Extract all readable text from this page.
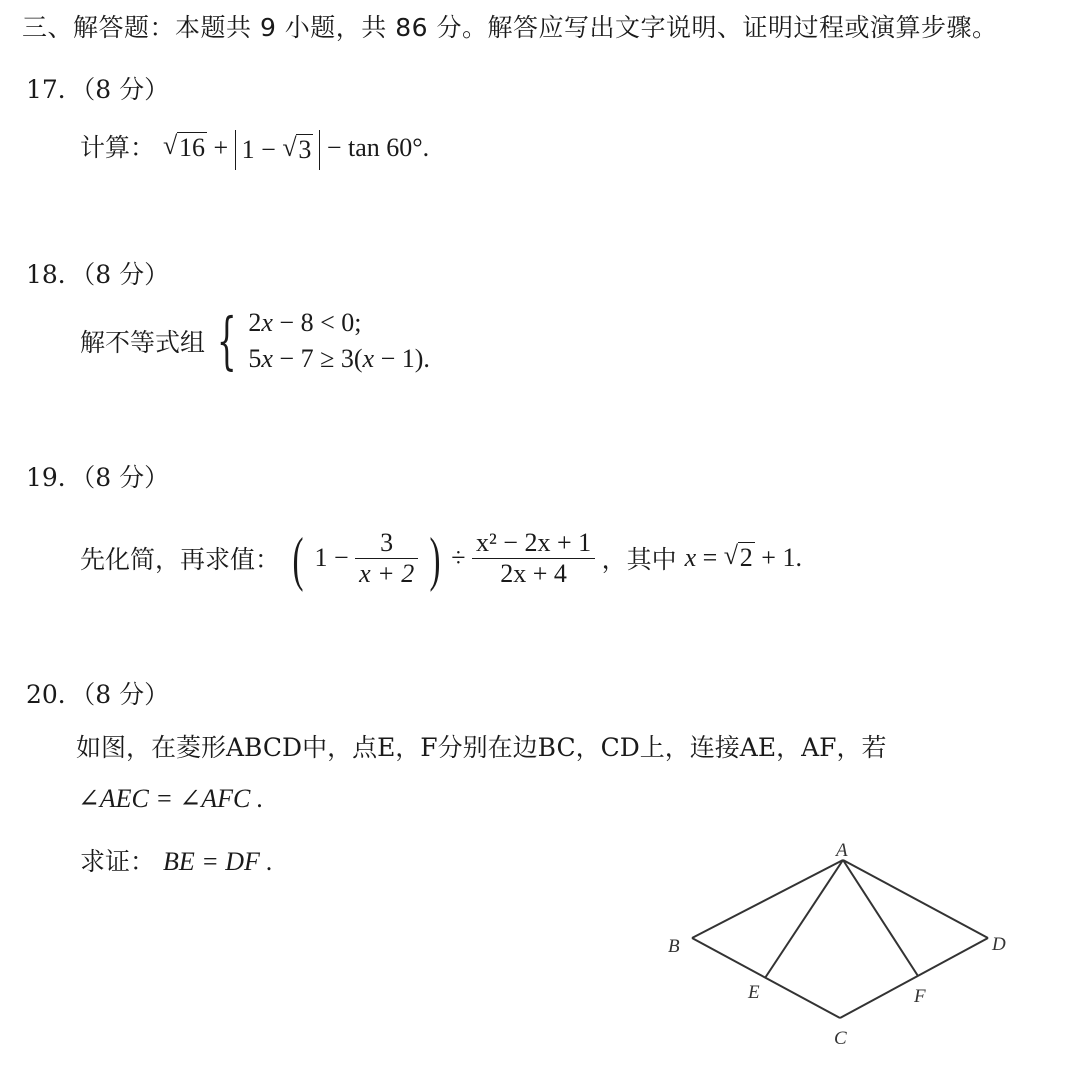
三、解答题：本题共 9 小题，共 86 分。解答应写出文字说明、证明过程或演算步骤。
17．（8 分）
计算： √ 16 + 1 − √ 3 − tan 60°.
18．（8 分）
解不等式组 { 2x − 8 < 0;
5x − 7 ≥ 3(x − 1).
19．（8 分）
先化简，再求值： ( $1 - \frac{3}{x + 2}$ ) ÷ $\frac{\text{x² − 2x + 1}}{2x + 4}$ ，其中 x = √ 2 + 1.
20．（8 分）
如图，在菱形ABCD中，点E，F分别在边BC，CD上，连接AE，AF，若
∠AEC = ∠AFC .
求证： BE = DF .	A
B
C
D
E	F
